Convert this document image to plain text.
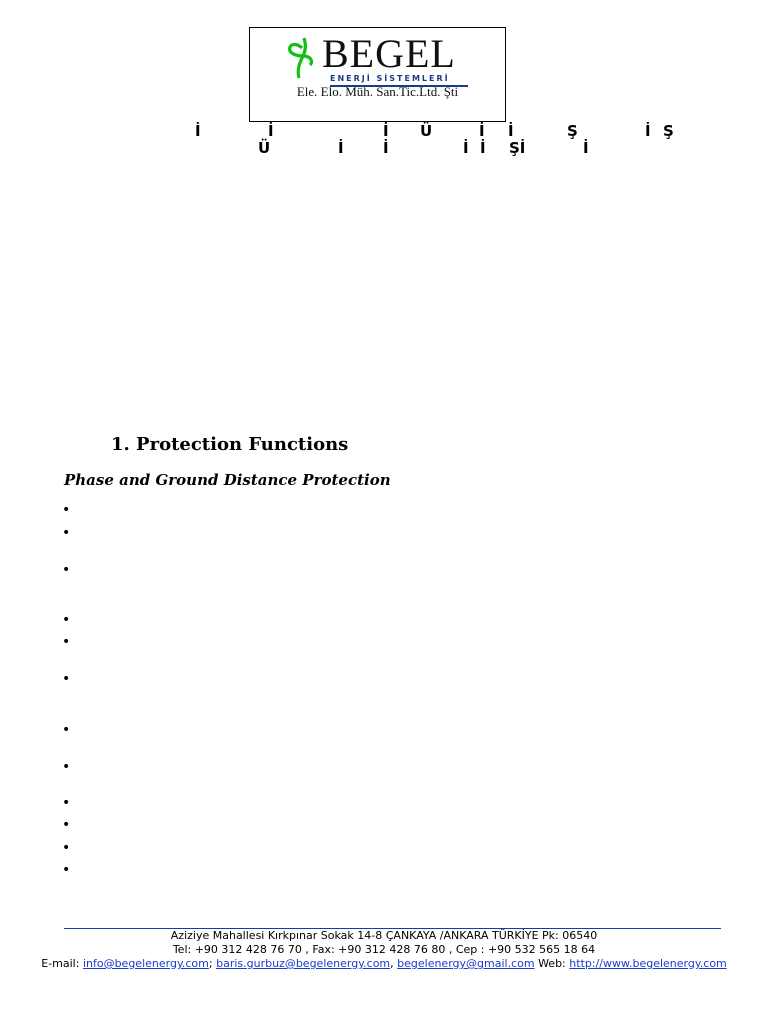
BEGEL
ENERJİ SİSTEMLERİ
Ele. Elo. Müh. San.Tic.Ltd. Şti
İ	İ	İ Ü	İ İ	Ş	İ Ş
Ü	İ	İ	İ İ Şİ	İ
1. Protection Functions
Phase and Ground Distance Protection
•
•
•
•
•
•
•
•
•
•
•
•
Aziziye Mahallesi Kırkpınar Sokak 14-8 ÇANKAYA /ANKARA TÜRKİYE Pk: 06540
Tel: +90 312 428 76 70 , Fax: +90 312 428 76 80 , Cep : +90 532 565 18 64
E-mail: info@begelenergy.com; baris.gurbuz@begelenergy.com, begelenergy@gmail.com Web: http://www.begelenergy.com
